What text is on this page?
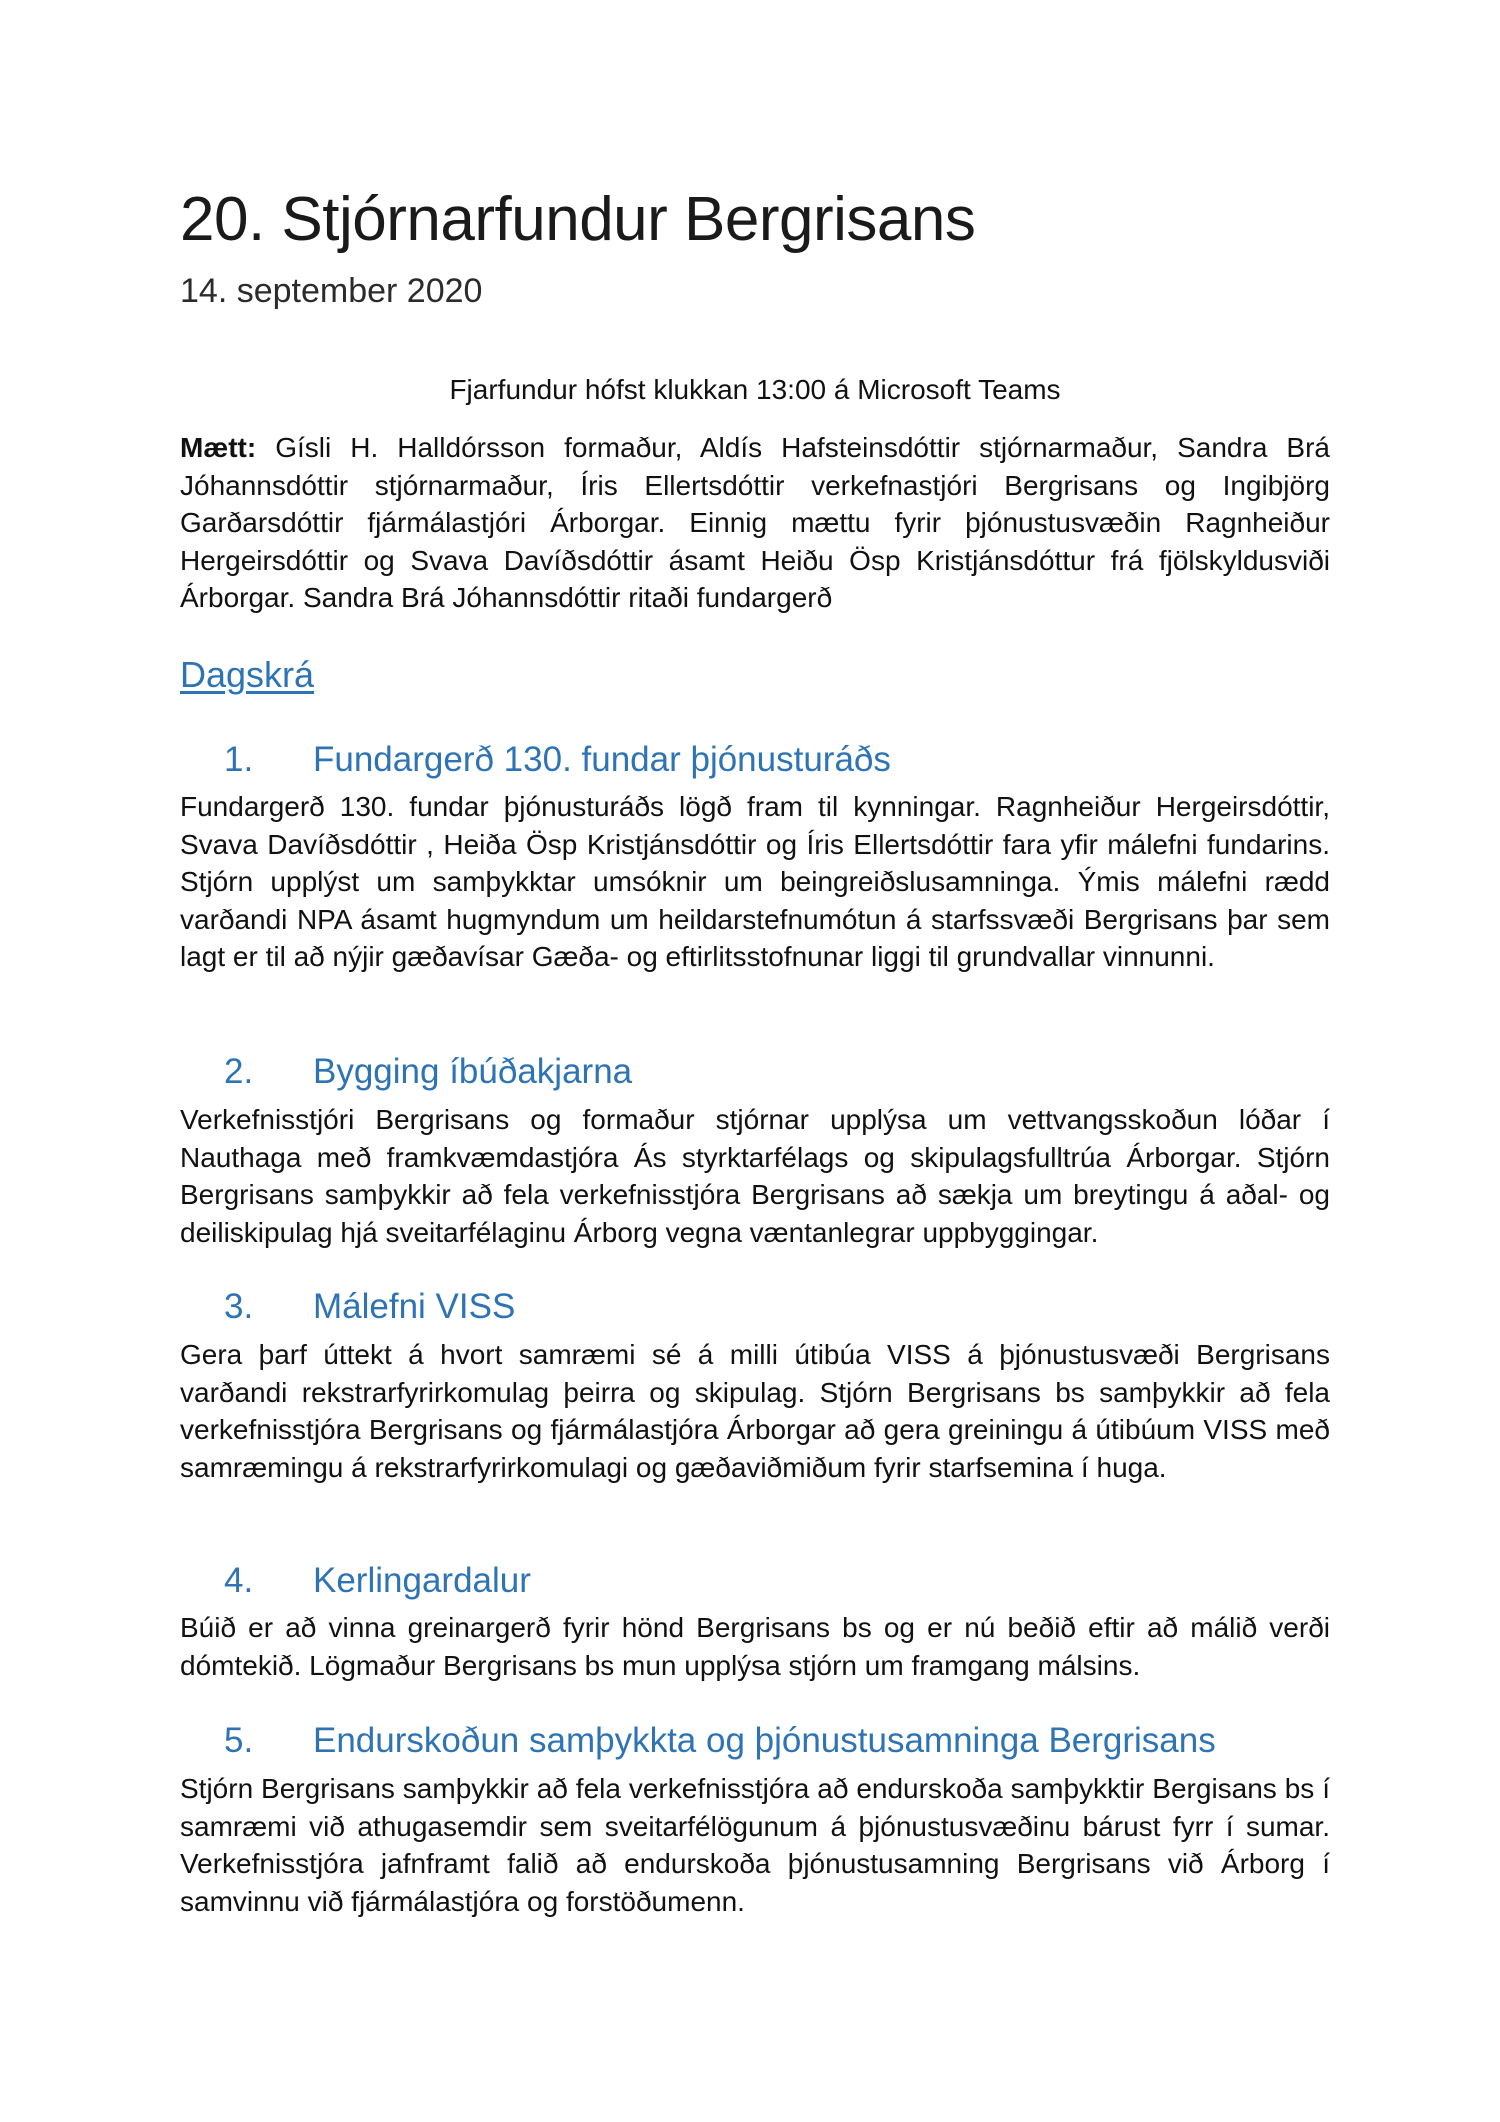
20. Stjórnarfundur Bergrisans
14. september 2020
Fjarfundur hófst klukkan 13:00 á Microsoft Teams
Mætt: Gísli H. Halldórsson formaður, Aldís Hafsteinsdóttir stjórnarmaður, Sandra Brá Jóhannsdóttir stjórnarmaður, Íris Ellertsdóttir verkefnastjóri Bergrisans og Ingibjörg Garðarsdóttir fjármálastjóri Árborgar. Einnig mættu fyrir þjónustusvæðin Ragnheiður Hergeirsdóttir og Svava Davíðsdóttir ásamt Heiðu Ösp Kristjánsdóttur frá fjölskyldusviði Árborgar. Sandra Brá Jóhannsdóttir ritaði fundargerð
Dagskrá
1. Fundargerð 130. fundar þjónusturáðs
Fundargerð 130. fundar þjónusturáðs lögð fram til kynningar. Ragnheiður Hergeirsdóttir, Svava Davíðsdóttir , Heiða Ösp Kristjánsdóttir og Íris Ellertsdóttir fara yfir málefni fundarins. Stjórn upplýst um samþykktar umsóknir um beingreiðslusamninga. Ýmis málefni rædd varðandi NPA ásamt hugmyndum um heildarstefnumótun á starfssvæði Bergrisans þar sem lagt er til að nýjir gæðavísar Gæða- og eftirlitsstofnunar liggi til grundvallar vinnunni.
2. Bygging íbúðakjarna
Verkefnisstjóri Bergrisans og formaður stjórnar upplýsa um vettvangsskoðun lóðar í Nauthaga með framkvæmdastjóra Ás styrktarfélags og skipulagsfulltrúa Árborgar. Stjórn Bergrisans samþykkir að fela verkefnisstjóra Bergrisans að sækja um breytingu á aðal- og deiliskipulag hjá sveitarfélaginu Árborg vegna væntanlegrar uppbyggingar.
3. Málefni VISS
Gera þarf úttekt á hvort samræmi sé á milli útibúa VISS á þjónustusvæði Bergrisans varðandi rekstrarfyrirkomulag þeirra og skipulag. Stjórn Bergrisans bs samþykkir að fela verkefnisstjóra Bergrisans og fjármálastjóra Árborgar að gera greiningu á útibúum VISS með samræmingu á rekstrarfyrirkomulagi og gæðaviðmiðum fyrir starfsemina í huga.
4. Kerlingardalur
Búið er að vinna greinargerð fyrir hönd Bergrisans bs og er nú beðið eftir að málið verði dómtekið. Lögmaður Bergrisans bs mun upplýsa stjórn um framgang málsins.
5. Endurskoðun samþykkta og þjónustusamninga Bergrisans
Stjórn Bergrisans samþykkir að fela verkefnisstjóra að endurskoða samþykktir Bergisans bs í samræmi við athugasemdir sem sveitarfélögunum á þjónustusvæðinu bárust fyrr í sumar. Verkefnisstjóra jafnframt falið að endurskoða þjónustusamning Bergrisans við Árborg í samvinnu við fjármálastjóra og forstöðumenn.
